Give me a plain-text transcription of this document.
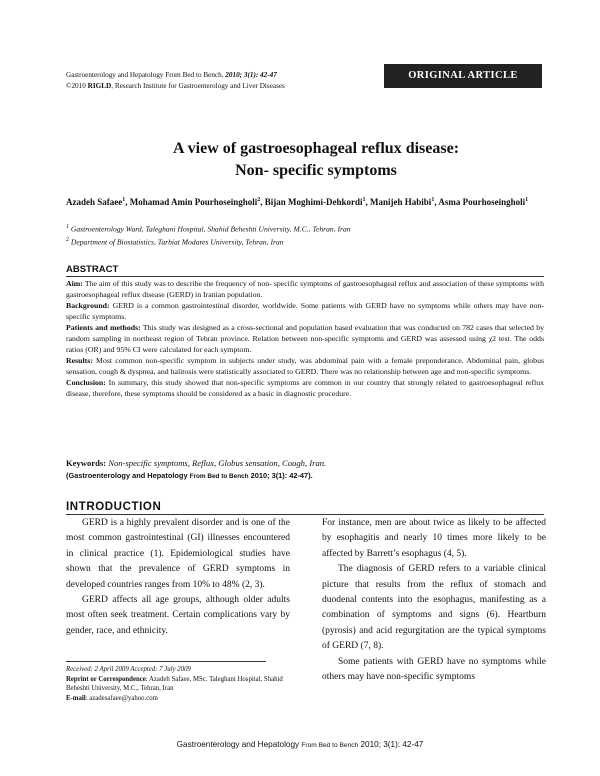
Gastroenterology and Hepatology From Bed to Bench. 2010; 3(1): 42-47
©2010 RIGLD, Research Institute for Gastroenterology and Liver Diseases
ORIGINAL ARTICLE
A view of gastroesophageal reflux disease:
Non- specific symptoms
Azadeh Safaee$^1$, Mohamad Amin Pourhoseingholi$^2$, Bijan Moghimi-Dehkordi$^1$, Manijeh Habibi$^1$, Asma Pourhoseingholi$^1$
$^1$ Gastroenterology Ward, Taleghani Hospital, Shahid Beheshti University, M.C., Tehran, Iran
$^2$ Department of Biostatistics, Tarbiat Modares University, Tehran, Iran
ABSTRACT

Aim: The aim of this study was to describe the frequency of non- specific symptoms of gastroesophageal reflux and association of these symptoms with gastroesophageal reflux disease (GERD) in Iranian population.

Background: GERD is a common gastrointestinal disorder, worldwide. Some patients with GERD have no symptoms while others may have non-specific symptoms.

Patients and methods: This study was designed as a cross-sectional and population based evaluation that was conducted on 782 cases that selected by random sampling in northeast region of Tehran province. Relation between non-specific symptoms and GERD was assessed using χ2 test. The odds ratios (OR) and 95% CI were calculated for each symptom.

Results: Most common non-specific symptom in subjects under study, was abdominal pain with a female preponderance. Abdominal pain, globus sensation, cough & dyspnea, and halitosis were statistically associated to GERD. There was no relationship between age and non-specific symptoms.

Conclusion: In summary, this study showed that non-specific symptoms are common in our country that strongly related to gastroesophageal reflux disease, therefore, these symptoms should be considered as a basic in diagnostic procedure.

Keywords: Non-specific symptoms, Reflux, Globus sensation, Cough, Iran.
(Gastroenterology and Hepatology From Bed to Bench 2010; 3(1): 42-47).
INTRODUCTION

GERD is a highly prevalent disorder and is one of the most common gastrointestinal (GI) illnesses encountered in clinical practice (1). Epidemiological studies have shown that the prevalence of GERD symptoms in developed countries ranges from 10% to 48% (2, 3).

GERD affects all age groups, although older adults most often seek treatment. Certain complications vary by gender, race, and ethnicity.

For instance, men are about twice as likely to be affected by esophagitis and nearly 10 times more likely to be affected by Barrett’s esophagus (4, 5).

The diagnosis of GERD refers to a variable clinical picture that results from the reflux of stomach and duodenal contents into the esophagus, manifesting as a combination of symptoms and signs (6). Heartburn (pyrosis) and acid regurgitation are the typical symptoms of GERD (7, 8).

Some patients with GERD have no symptoms while others may have non-specific symptoms

Received: 2 April 2009 Accepted: 7 July 2009
Reprint or Correspondence: Azadeh Safaee, MSc. Taleghani Hospital, Shahid Beheshti University, M.C., Tehran, Iran
E-mail: azadesafaee@yahoo.com
Gastroenterology and Hepatology From Bed to Bench 2010; 3(1): 42-47
